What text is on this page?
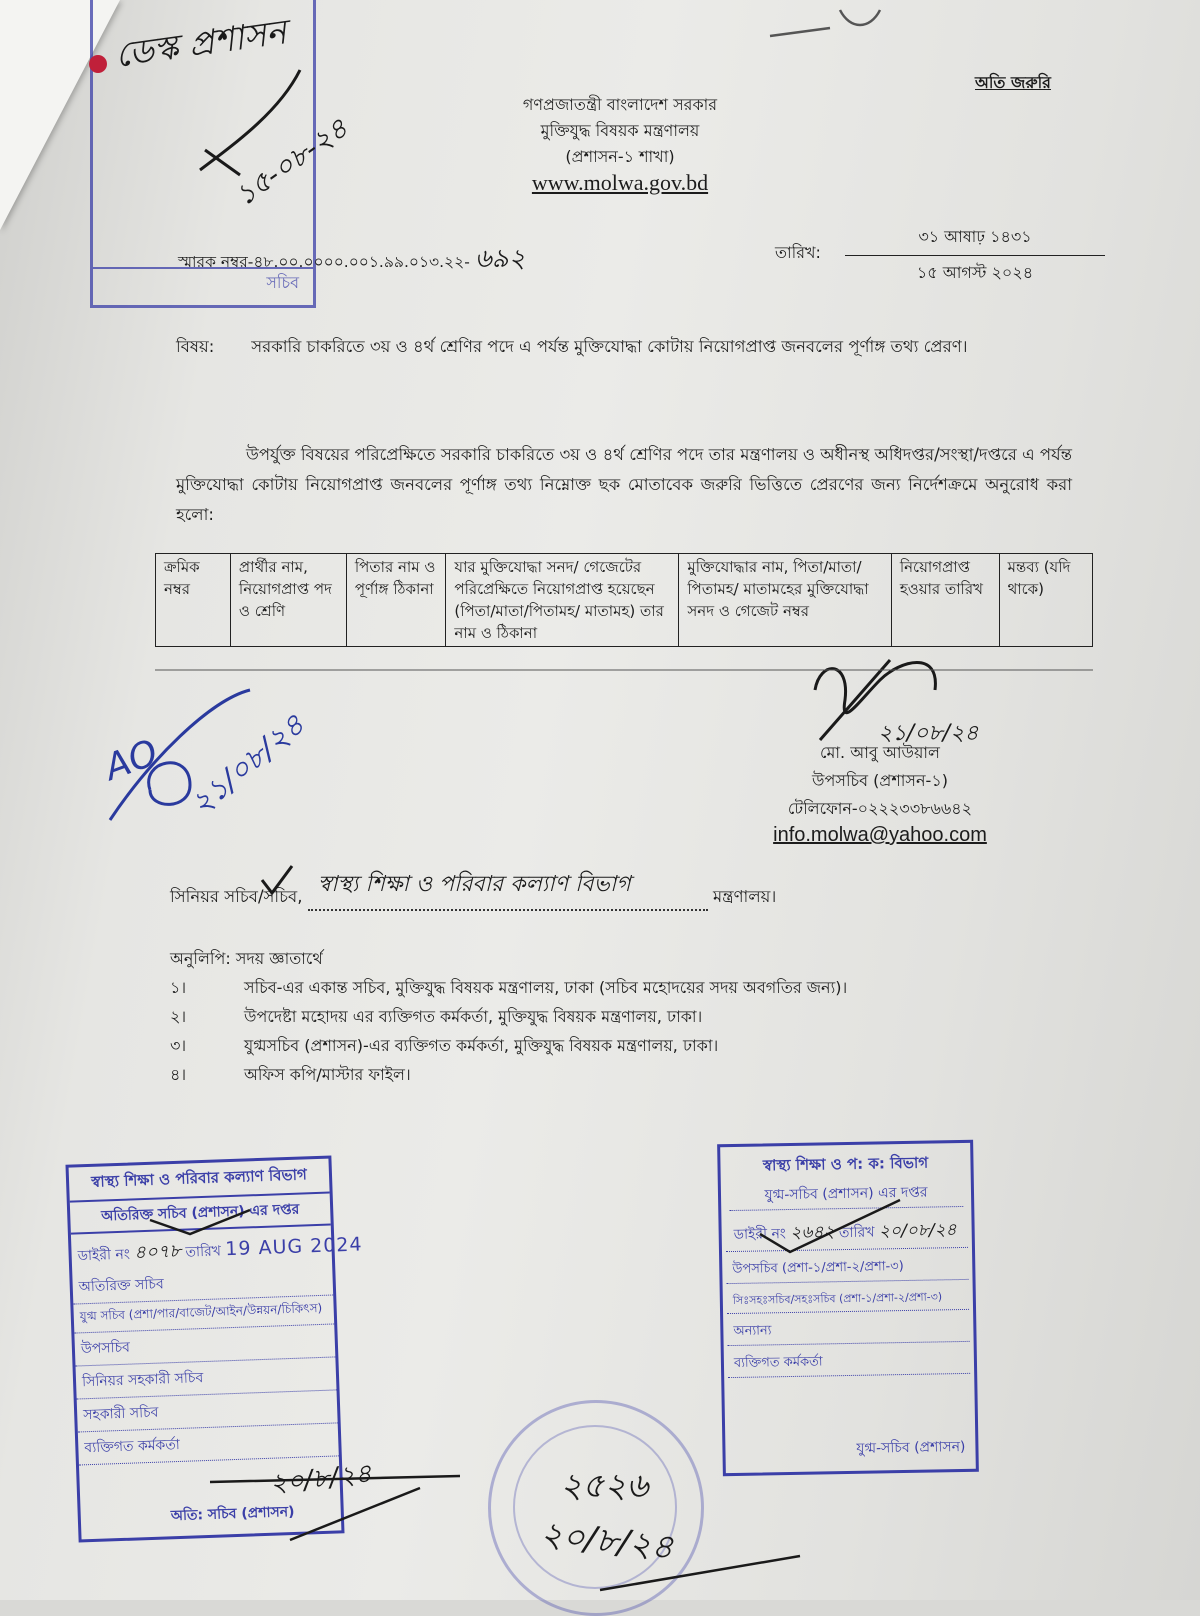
সচিব
অতি জরুরি
গণপ্রজাতন্ত্রী বাংলাদেশ সরকার
মুক্তিযুদ্ধ বিষয়ক মন্ত্রণালয়
(প্রশাসন-১ শাখা)
www.molwa.gov.bd
স্মারক নম্বর-৪৮.০০.০০০০.০০১.৯৯.০১৩.২২- ৬৯২	তারিখ:
৩১ আষাঢ় ১৪৩১
১৫ আগস্ট ২০২৪
বিষয়: সরকারি চাকরিতে ৩য় ও ৪র্থ শ্রেণির পদে এ পর্যন্ত মুক্তিযোদ্ধা কোটায় নিয়োগপ্রাপ্ত জনবলের পূর্ণাঙ্গ তথ্য প্রেরণ।
উপর্যুক্ত বিষয়ের পরিপ্রেক্ষিতে সরকারি চাকরিতে ৩য় ও ৪র্থ শ্রেণির পদে তার মন্ত্রণালয় ও অধীনস্থ অধিদপ্তর/সংস্থা/দপ্তরে এ পর্যন্ত মুক্তিযোদ্ধা কোটায় নিয়োগপ্রাপ্ত জনবলের পূর্ণাঙ্গ তথ্য নিম্নোক্ত ছক মোতাবেক জরুরি ভিত্তিতে প্রেরণের জন্য নির্দেশক্রমে অনুরোধ করা হলো:
ক্রমিক নম্বর	প্রার্থীর নাম, নিয়োগপ্রাপ্ত পদ ও শ্রেণি	পিতার নাম ও পূর্ণাঙ্গ ঠিকানা	যার মুক্তিযোদ্ধা সনদ/ গেজেটের পরিপ্রেক্ষিতে নিয়োগপ্রাপ্ত হয়েছেন (পিতা/মাতা/পিতামহ/ মাতামহ) তার নাম ও ঠিকানা	মুক্তিযোদ্ধার নাম, পিতা/মাতা/পিতামহ/ মাতামহের মুক্তিযোদ্ধা সনদ ও গেজেট নম্বর	নিয়োগপ্রাপ্ত হওয়ার তারিখ	মন্তব্য (যদি থাকে)
মো. আবু আউয়াল
উপসচিব (প্রশাসন-১)
টেলিফোন-০২২২৩৩৮৬৬৪২
info.molwa@yahoo.com
২১/০৮/২৪
সিনিয়র সচিব/সচিব, স্বাস্থ্য শিক্ষা ও পরিবার কল্যাণ বিভাগ	মন্ত্রণালয়।
অনুলিপি: সদয় জ্ঞাতার্থে
১।	সচিব-এর একান্ত সচিব, মুক্তিযুদ্ধ বিষয়ক মন্ত্রণালয়, ঢাকা (সচিব মহোদয়ের সদয় অবগতির জন্য)।
২।	উপদেষ্টা মহোদয় এর ব্যক্তিগত কর্মকর্তা, মুক্তিযুদ্ধ বিষয়ক মন্ত্রণালয়, ঢাকা।
৩।	যুগ্মসচিব (প্রশাসন)-এর ব্যক্তিগত কর্মকর্তা, মুক্তিযুদ্ধ বিষয়ক মন্ত্রণালয়, ঢাকা।
৪।	অফিস কপি/মাস্টার ফাইল।
স্বাস্থ্য শিক্ষা ও পরিবার কল্যাণ বিভাগ
অতিরিক্ত সচিব (প্রশাসন) এর দপ্তর
ডাইরী নং ৪০৭৮ তারিখ 19 AUG 2024
অতিরিক্ত সচিব
যুগ্ম সচিব (প্রশা/পার/বাজেট/আইন/উন্নয়ন/চিকিৎস)
উপসচিব
সিনিয়র সহকারী সচিব
সহকারী সচিব
ব্যক্তিগত কর্মকর্তা
অতি: সচিব (প্রশাসন)
২০/৮/২৪
স্বাস্থ্য শিক্ষা ও প: ক: বিভাগ
যুগ্ম-সচিব (প্রশাসন) এর দপ্তর
ডাইরী নং ২৬৪২ তারিখ ২০/০৮/২৪
উপসচিব (প্রশা-১/প্রশা-২/প্রশা-৩)
সিঃসহঃসচিব/সহঃসচিব (প্রশা-১/প্রশা-২/প্রশা-৩)
অন্যান্য
ব্যক্তিগত কর্মকর্তা
যুগ্ম-সচিব (প্রশাসন)
২৫২৬
২০/৮/২৪
ডেস্ক প্রশাসন
১৫-০৮-২৪
AO ২১/০৮/২৪
